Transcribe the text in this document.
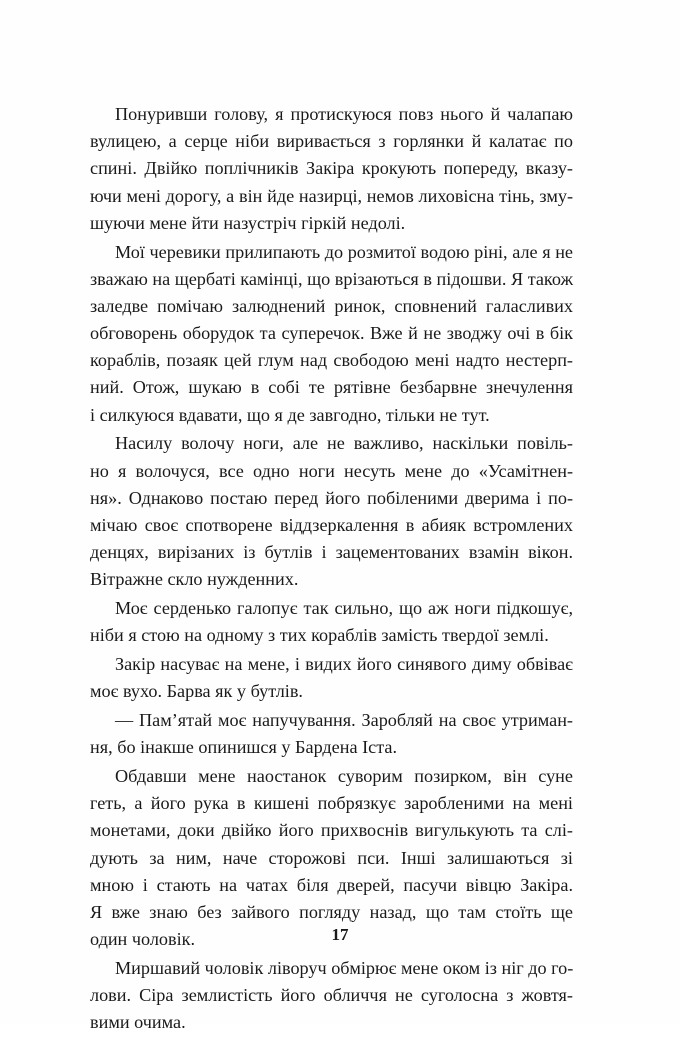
Понуривши голову, я протискуюся повз нього й чалапаю
вулицею, а серце ніби виривається з горлянки й калатає по
спині. Двійко поплічників Закіра крокують попереду, вказу-
ючи мені дорогу, а він йде назирці, немов лиховісна тінь, зму-
шуючи мене йти назустріч гіркій недолі.
Мої черевики прилипають до розмитої водою ріні, але я не
зважаю на щербаті камінці, що врізаються в підошви. Я також
заледве помічаю залюднений ринок, сповнений галасливих
обговорень оборудок та суперечок. Вже й не зводжу очі в бік
кораблів, позаяк цей глум над свободою мені надто нестерп-
ний. Отож, шукаю в собі те рятівне безбарвне знечулення
і силкуюся вдавати, що я де завгодно, тільки не тут.
Насилу волочу ноги, але не важливо, наскільки повіль-
но я волочуся, все одно ноги несуть мене до «Усамітнен-
ня». Однаково постаю перед його побіленими дверима і по-
мічаю своє спотворене віддзеркалення в абияк встромлених
денцях, вирізаних із бутлів і зацементованих взамін вікон.
Вітражне скло нужденних.
Моє серденько галопує так сильно, що аж ноги підкошує,
ніби я стою на одному з тих кораблів замість твердої землі.
Закір насуває на мене, і видих його синявого диму обвіває
моє вухо. Барва як у бутлів.
— Пам’ятай моє напучування. Заробляй на своє утриман-
ня, бо інакше опинишся у Бардена Іста.
Обдавши мене наостанок суворим позирком, він суне
геть, а його рука в кишені побрязкує заробленими на мені
монетами, доки двійко його прихвоснів вигулькують та слі-
дують за ним, наче сторожові пси. Інші залишаються зі
мною і стають на чатах біля дверей, пасучи вівцю Закіра.
Я вже знаю без зайвого погляду назад, що там стоїть ще
один чоловік.
Миршавий чоловік ліворуч обмірює мене оком із ніг до го-
лови. Сіра землистість його обличчя не суголосна з жовтя-
вими очима.
17
